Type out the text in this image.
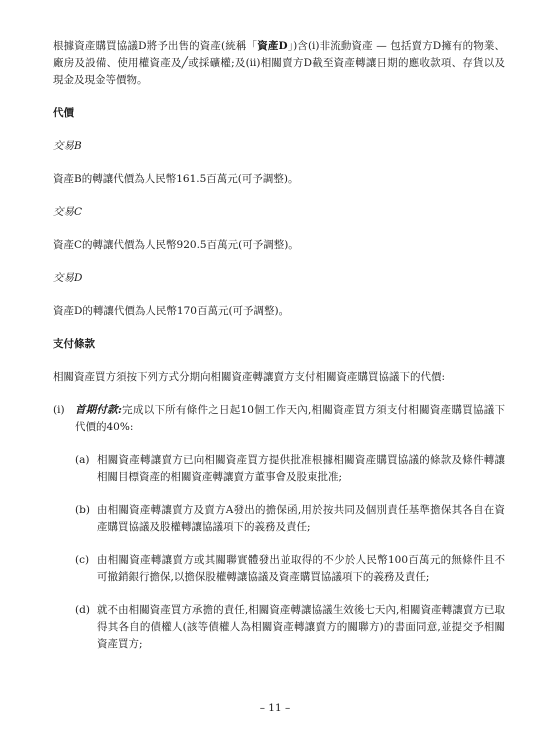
根據資產購買協議D將予出售的資產(統稱「資產D」)含(i)非流動資產 — 包括賣方D擁有的物業、廠房及設備、使用權資產及╱或採礦權;及(ii)相關賣方D截至資產轉讓日期的應收款項、存貨以及現金及現金等價物。

代價

交易B

資產B的轉讓代價為人民幣161.5百萬元(可予調整)。

交易C

資產C的轉讓代價為人民幣920.5百萬元(可予調整)。

交易D

資產D的轉讓代價為人民幣170百萬元(可予調整)。

支付條款

相關資產買方須按下列方式分期向相關資產轉讓賣方支付相關資產購買協議下的代價:

(i) 首期付款:完成以下所有條件之日起10個工作天內,相關資產買方須支付相關資產購買協議下代價的40%:

(a) 相關資產轉讓賣方已向相關資產買方提供批准根據相關資產購買協議的條款及條件轉讓相關目標資產的相關資產轉讓賣方董事會及股東批准;

(b) 由相關資產轉讓賣方及賣方A發出的擔保函,用於按共同及個別責任基準擔保其各自在資產購買協議及股權轉讓協議項下的義務及責任;

(c) 由相關資產轉讓賣方或其關聯實體發出並取得的不少於人民幣100百萬元的無條件且不可撤銷銀行擔保,以擔保股權轉讓協議及資產購買協議項下的義務及責任;

(d) 就不由相關資產買方承擔的責任,相關資產轉讓協議生效後七天內,相關資產轉讓賣方已取得其各自的債權人(該等債權人為相關資產轉讓賣方的關聯方)的書面同意,並提交予相關資產買方;

– 11 –
